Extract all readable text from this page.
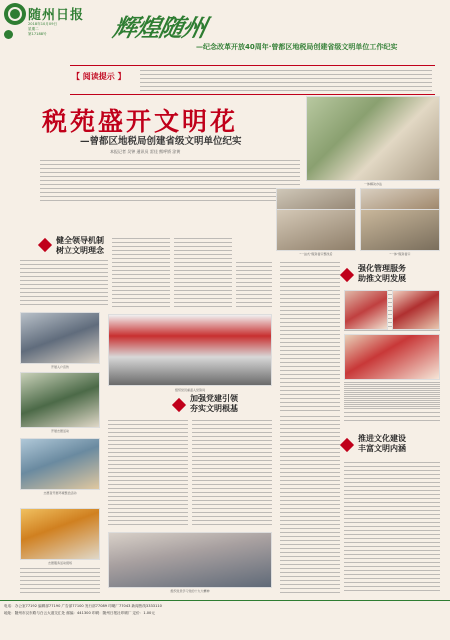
随州日报
2018年10月09日
星期二
第17188号	辉煌随州
—纪念改革开放40周年·曾都区地税局创建省级文明单位工作纪实
【 阅读提示 】
税苑盛开文明花
—曾都区地税局创建省级文明单位纪实
本报记者 吴钟 通讯员 雷佳 熊呼娇 涂黄
一体解决办法
“一站式”服务窗口整改后	“一体”服务窗口
健全领导机制
树立文明理念
强化管理服务
助推文明发展
开展入户宣传
开展志愿活动
志愿者开展环境整治活动
志愿服务活动现场
组织党员重温入党誓词
加强党建引领
夯实文明根基
组织党员学习党的十九大精神
推进文化建设
丰富文明内涵
电话：办公室77192 编辑部77190 广告部77100 发行部77089 印刷厂77043 新闻热线3333110
地址：随州市汉东路与白云大道交汇处 邮编：441300 印刷：随州日报社印刷厂 定价：1.00元
